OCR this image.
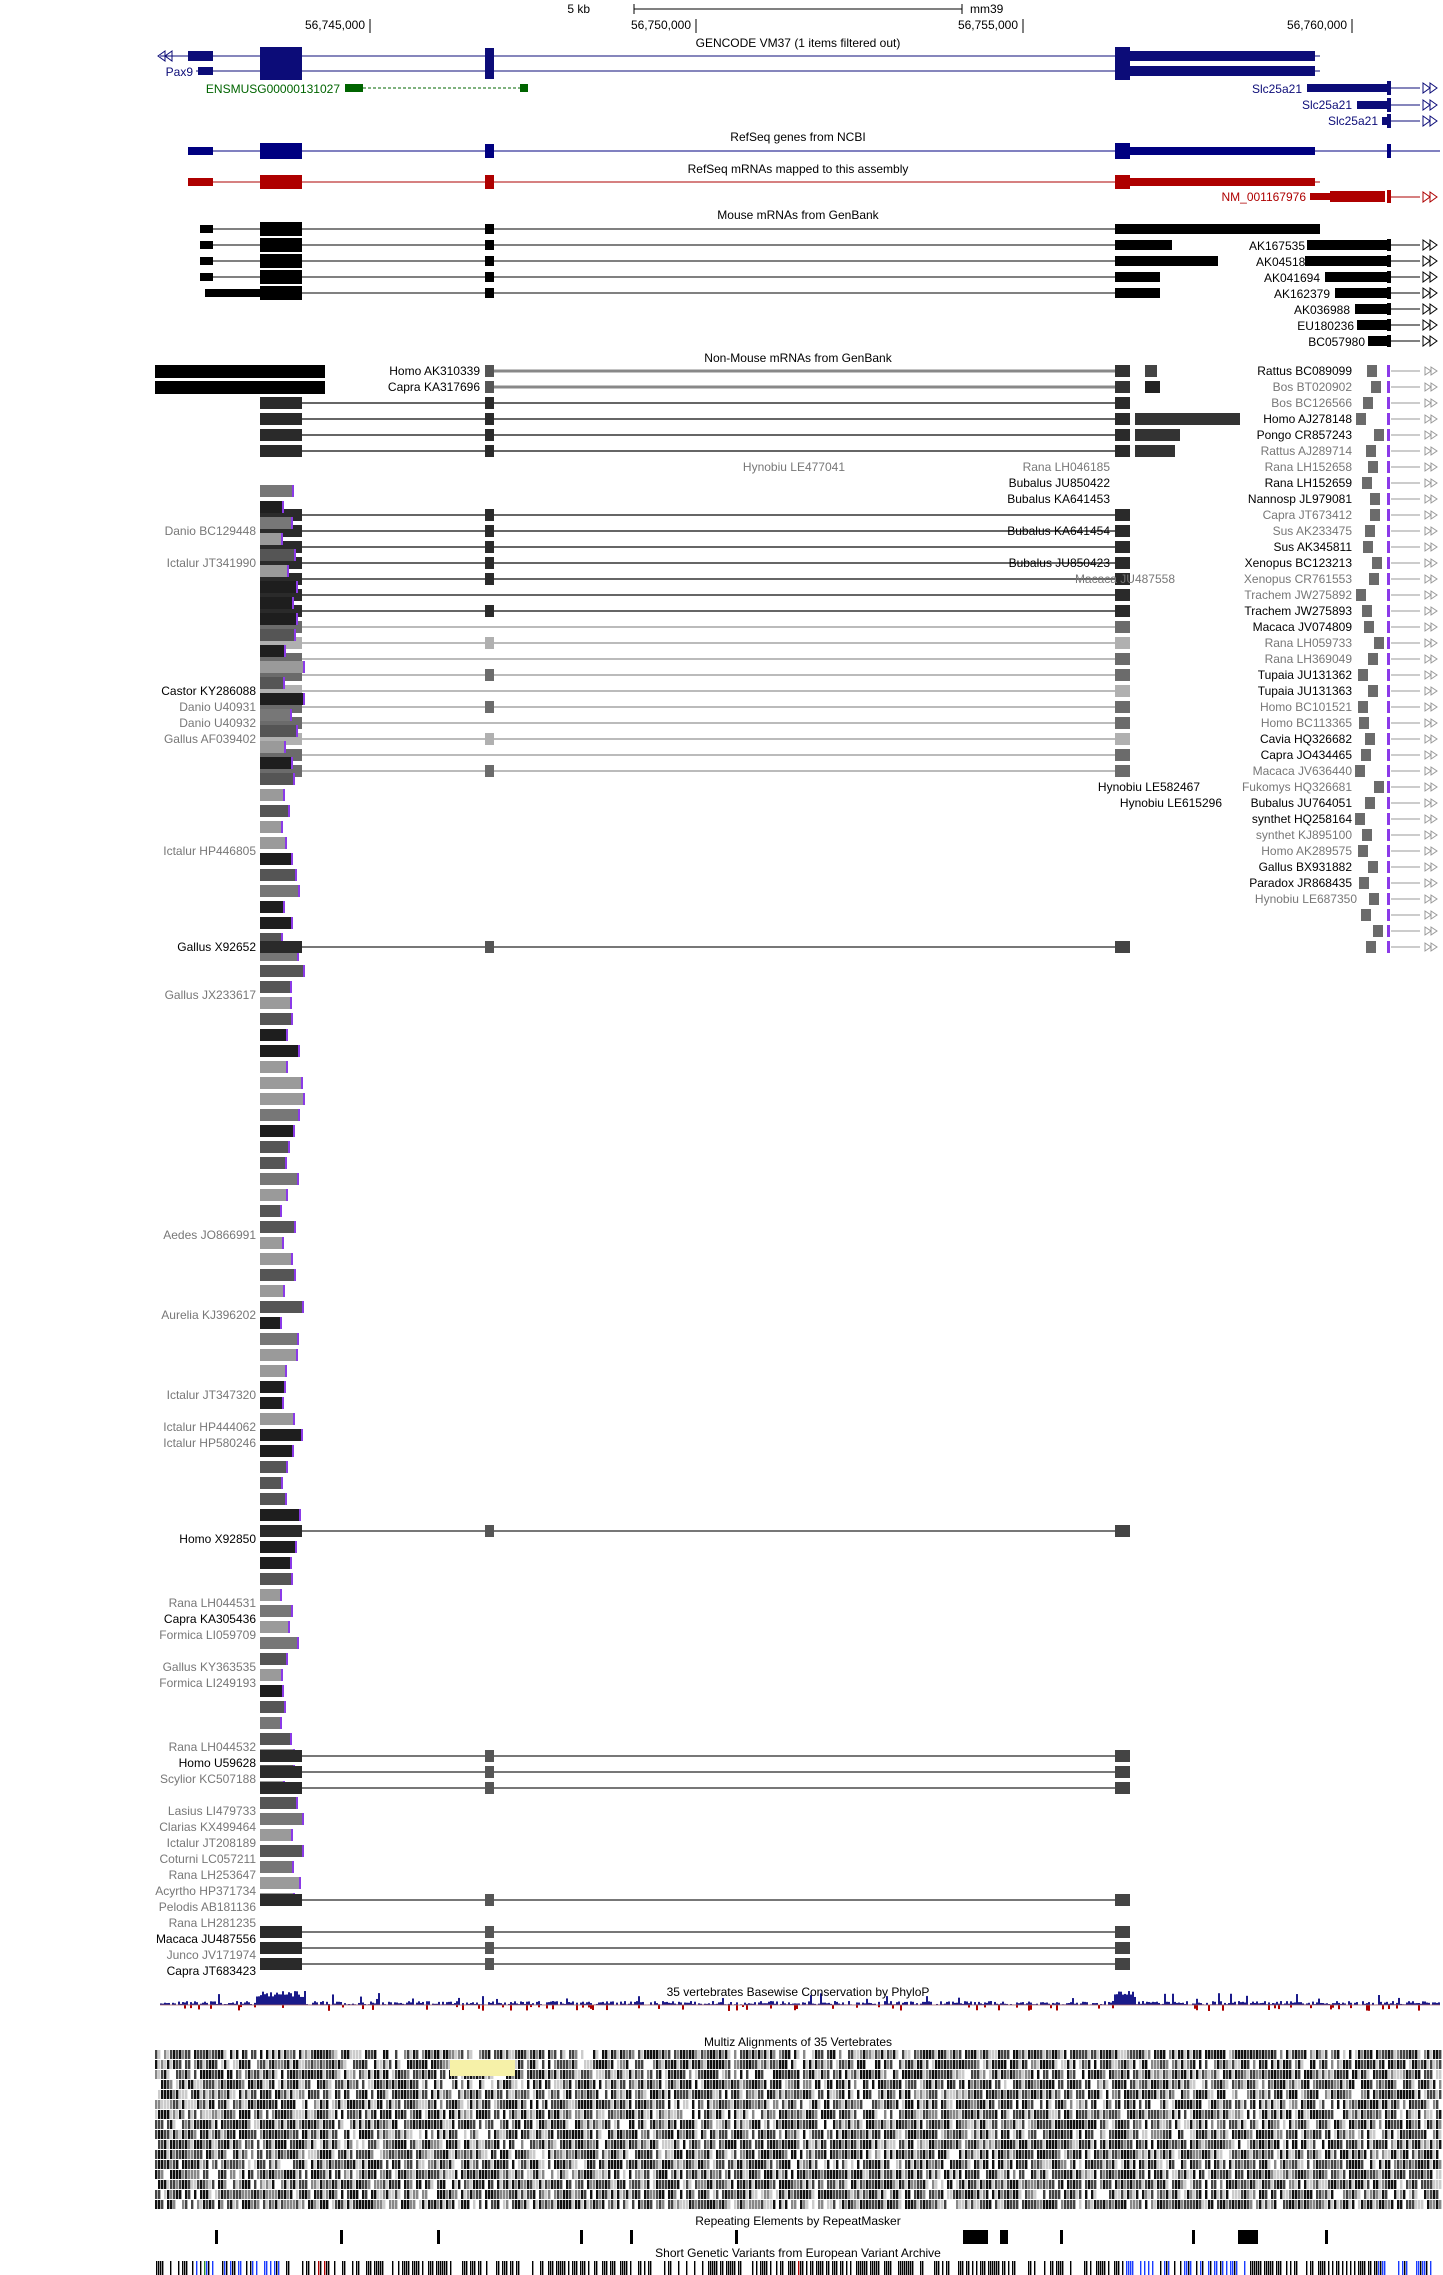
5 kb	mm39
56,745,000	56,750,000	56,755,000	56,760,000
GENCODE VM37 (1 items filtered out)
Pax9
ENSMUSG00000131027	Slc25a21
Slc25a21
Slc25a21
RefSeq genes from NCBI
RefSeq mRNAs mapped to this assembly
NM_001167976
Mouse mRNAs from GenBank
AK167535
AK045180
AK041694
AK162379
AK036988
EU180236
BC057980
Non-Mouse mRNAs from GenBank
Homo AK310339
Capra KA317696
Danio BC129448
Ictalur JT341990
Castor KY286088
Danio U40931
Danio U40932
Gallus AF039402
Ictalur HP446805
Gallus X92652
Gallus JX233617
Aedes JO866991
Aurelia KJ396202
Ictalur JT347320
Ictalur HP444062
Ictalur HP580246
Homo X92850
Rana LH044531
Capra KA305436
Formica LI059709
Gallus KY363535
Formica LI249193
Rana LH044532
Homo U59628
Scylior KC507188
Lasius LI479733
Clarias KX499464
Ictalur JT208189
Coturni LC057211
Rana LH253647
Acyrtho HP371734
Pelodis AB181136
Rana LH281235
Macaca JU487556
Junco JV171974
Capra JT683423
Hynobiu LE477041	Rana LH046185
Bubalus JU850422
Bubalus KA641453
Bubalus KA641454
Bubalus JU850423
Macaca JU487558
Hynobiu LE582467
Hynobiu LE615296
Rattus BC089099
Bos BT020902
Bos BC126566
Homo AJ278148
Pongo CR857243
Rattus AJ289714
Rana LH152658
Rana LH152659
Nannosp JL979081
Capra JT673412
Sus AK233475
Sus AK345811
Xenopus BC123213
Xenopus CR761553
Trachem JW275892
Trachem JW275893
Macaca JV074809
Rana LH059733
Rana LH369049
Tupaia JU131362
Tupaia JU131363
Homo BC101521
Homo BC113365
Cavia HQ326682
Capra JO434465
Macaca JV636440
Fukomys HQ326681
Bubalus JU764051
synthet HQ258164
synthet KJ895100
Homo AK289575
Gallus BX931882
Paradox JR868435
Hynobiu LE687350
35 vertebrates Basewise Conservation by PhyloP
Multiz Alignments of 35 Vertebrates
Repeating Elements by RepeatMasker
Short Genetic Variants from European Variant Archive
